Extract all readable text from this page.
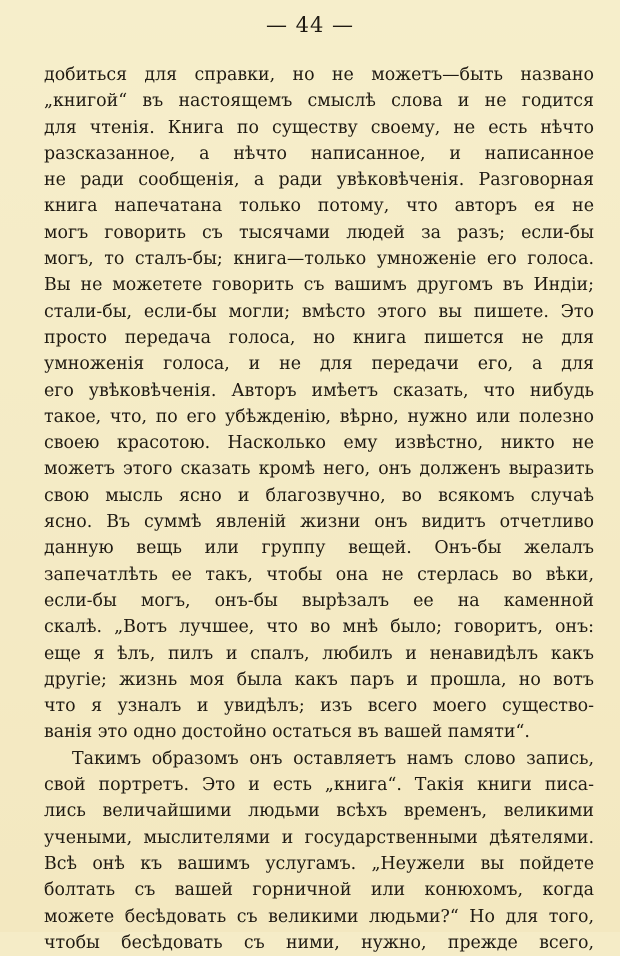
— 44 —
добиться для справки, но не можетъ—быть названо
„книгой“ въ настоящемъ смыслѣ слова и не годится
для чтенія. Книга по существу своему, не есть нѣчто
разсказанное, а нѣчто написанное, и написанное
не ради сообщенія, а ради увѣковѣченія. Разговорная
книга напечатана только потому, что авторъ ея не
могъ говорить съ тысячами людей за разъ; если-бы
могъ, то сталъ-бы; книга—только умноженіе его голоса.
Вы не можетете говорить съ вашимъ другомъ въ Индіи;
стали-бы, если-бы могли; вмѣсто этого вы пишете. Это
просто передача голоса, но книга пишется не для
умноженія голоса, и не для передачи его, а для
его увѣковѣченія. Авторъ имѣетъ сказать, что нибудь
такое, что, по его убѣжденію, вѣрно, нужно или полезно
своею красотою. Насколько ему извѣстно, никто не
можетъ этого сказать кромѣ него, онъ долженъ выразить
свою мысль ясно и благозвучно, во всякомъ случаѣ
ясно. Въ суммѣ явленій жизни онъ видитъ отчетливо
данную вещь или группу вещей. Онъ-бы желалъ
запечатлѣть ее такъ, чтобы она не стерлась во вѣки,
если-бы могъ, онъ-бы вырѣзалъ ее на каменной
скалѣ. „Вотъ лучшее, что во мнѣ было; говоритъ, онъ:
еще я ѣлъ, пилъ и спалъ, любилъ и ненавидѣлъ какъ
другіе; жизнь моя была какъ паръ и прошла, но вотъ
что я узналъ и увидѣлъ; изъ всего моего существо-
ванія это одно достойно остаться въ вашей памяти“.
Такимъ образомъ онъ оставляетъ намъ слово запись,
свой портретъ. Это и есть „книга“. Такія книги писа-
лись величайшими людьми всѣхъ временъ, великими
учеными, мыслителями и государственными дѣятелями.
Всѣ онѣ къ вашимъ услугамъ. „Неужели вы пойдете
болтать съ вашей горничной или конюхомъ, когда
можете бесѣдовать съ великими людьми?“ Но для того,
чтобы бесѣдовать съ ними, нужно, прежде всего,
